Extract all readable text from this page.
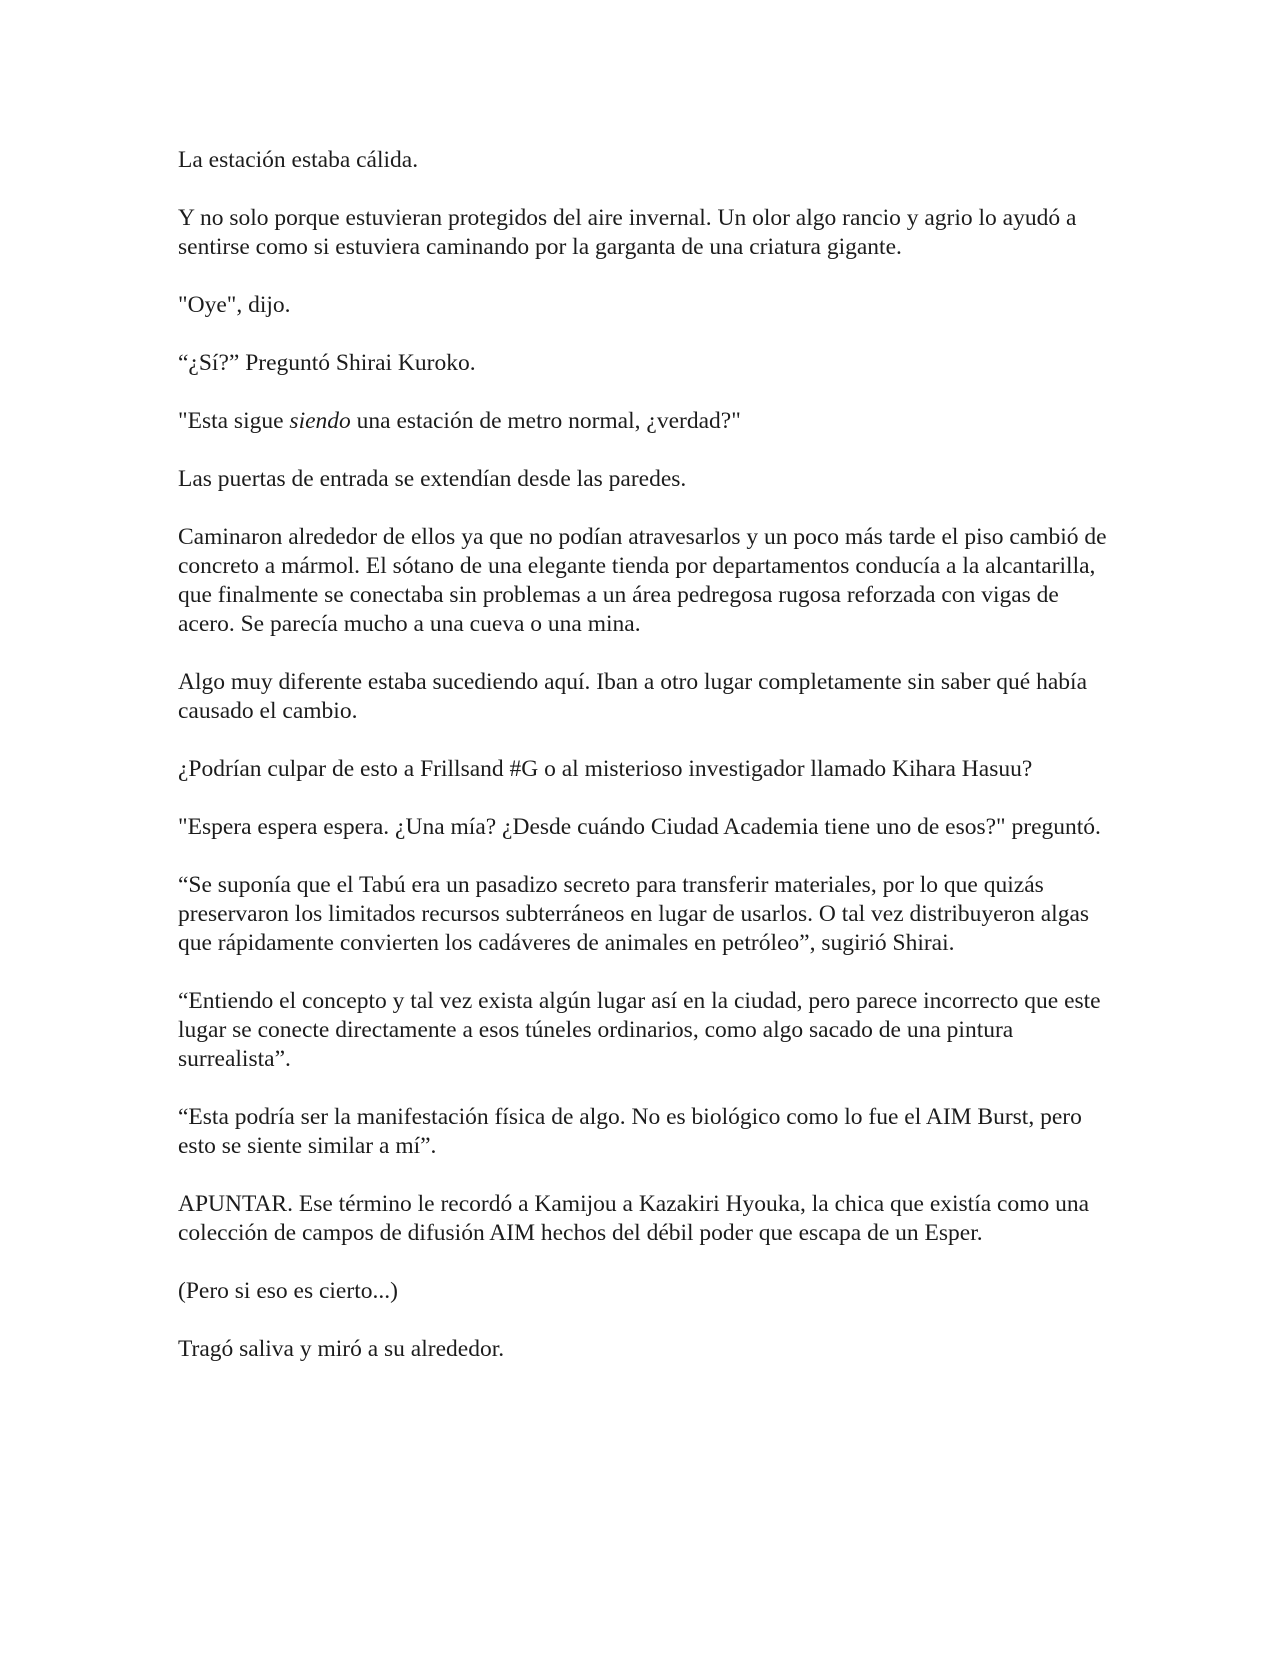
La estación estaba cálida.

Y no solo porque estuvieran protegidos del aire invernal. Un olor algo rancio y agrio lo ayudó a sentirse como si estuviera caminando por la garganta de una criatura gigante.

"Oye", dijo.

“¿Sí?” Preguntó Shirai Kuroko.

"Esta sigue siendo una estación de metro normal, ¿verdad?"

Las puertas de entrada se extendían desde las paredes.

Caminaron alrededor de ellos ya que no podían atravesarlos y un poco más tarde el piso cambió de concreto a mármol. El sótano de una elegante tienda por departamentos conducía a la alcantarilla, que finalmente se conectaba sin problemas a un área pedregosa rugosa reforzada con vigas de acero. Se parecía mucho a una cueva o una mina.

Algo muy diferente estaba sucediendo aquí. Iban a otro lugar completamente sin saber qué había causado el cambio.

¿Podrían culpar de esto a Frillsand #G o al misterioso investigador llamado Kihara Hasuu?

"Espera espera espera. ¿Una mía? ¿Desde cuándo Ciudad Academia tiene uno de esos?" preguntó.

“Se suponía que el Tabú era un pasadizo secreto para transferir materiales, por lo que quizás preservaron los limitados recursos subterráneos en lugar de usarlos. O tal vez distribuyeron algas que rápidamente convierten los cadáveres de animales en petróleo”, sugirió Shirai.

“Entiendo el concepto y tal vez exista algún lugar así en la ciudad, pero parece incorrecto que este lugar se conecte directamente a esos túneles ordinarios, como algo sacado de una pintura surrealista”.

“Esta podría ser la manifestación física de algo. No es biológico como lo fue el AIM Burst, pero esto se siente similar a mí”.

APUNTAR. Ese término le recordó a Kamijou a Kazakiri Hyouka, la chica que existía como una colección de campos de difusión AIM hechos del débil poder que escapa de un Esper.

(Pero si eso es cierto...)

Tragó saliva y miró a su alrededor.
